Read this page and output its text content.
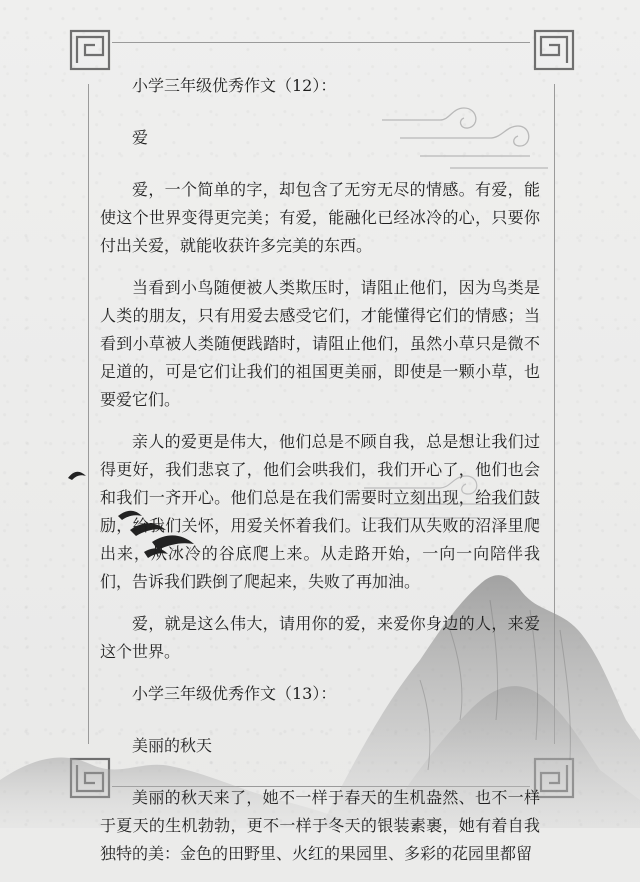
小学三年级优秀作文（12）：

爱

爱，一个简单的字，却包含了无穷无尽的情感。有爱，能使这个世界变得更完美；有爱，能融化已经冰冷的心，只要你付出关爱，就能收获许多完美的东西。

当看到小鸟随便被人类欺压时，请阻止他们，因为鸟类是人类的朋友，只有用爱去感受它们，才能懂得它们的情感；当看到小草被人类随便践踏时，请阻止他们，虽然小草只是微不足道的，可是它们让我们的祖国更美丽，即使是一颗小草，也要爱它们。

亲人的爱更是伟大，他们总是不顾自我，总是想让我们过得更好，我们悲哀了，他们会哄我们，我们开心了，他们也会和我们一齐开心。他们总是在我们需要时立刻出现，给我们鼓励，给我们关怀，用爱关怀着我们。让我们从失败的沼泽里爬出来，从冰冷的谷底爬上来。从走路开始，一向一向陪伴我们，告诉我们跌倒了爬起来，失败了再加油。

爱，就是这么伟大，请用你的爱，来爱你身边的人，来爱这个世界。

小学三年级优秀作文（13）：

美丽的秋天

美丽的秋天来了，她不一样于春天的生机盎然、也不一样于夏天的生机勃勃，更不一样于冬天的银装素裹，她有着自我独特的美：金色的田野里、火红的果园里、多彩的花园里都留
